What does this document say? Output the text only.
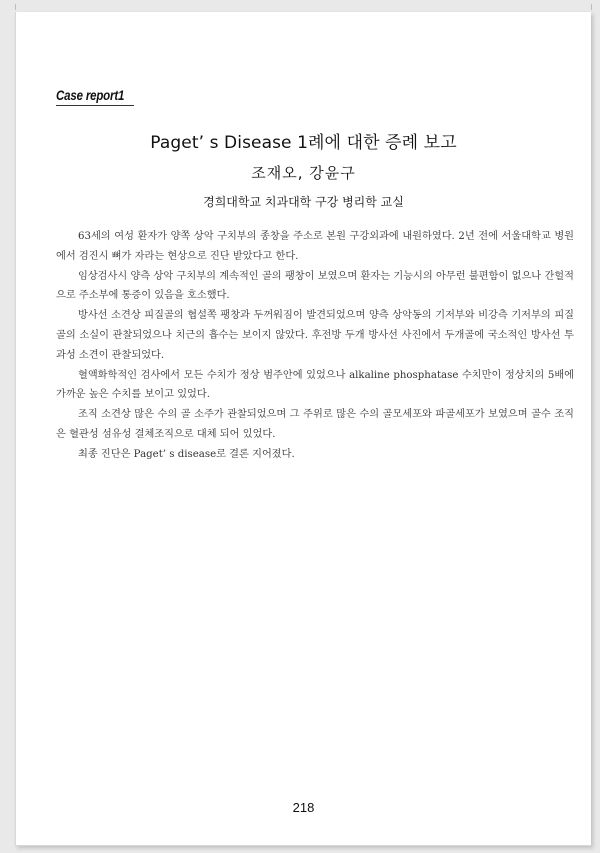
Case report1
Paget’ s Disease 1례에 대한 증례 보고
조재오, 강윤구
경희대학교 치과대학 구강 병리학 교실

63세의 여성 환자가 양쪽 상악 구치부의 종창을 주소로 본원 구강외과에 내원하였다. 2년 전에 서울대학교 병원에서 검진시 뼈가 자라는 현상으로 진단 받았다고 한다.

임상검사시 양측 상악 구치부의 계속적인 골의 팽창이 보였으며 환자는 기능시의 아무런 불편함이 없으나 간헐적으로 주소부에 통증이 있음을 호소했다.

방사선 소견상 피질골의 협설쪽 팽창과 두꺼워짐이 발견되었으며 양측 상악동의 기저부와 비강측 기저부의 피질골의 소실이 관찰되었으나 치근의 흡수는 보이지 않았다. 후전방 두개 방사선 사진에서 두개골에 국소적인 방사선 투과성 소견이 관찰되었다.

혈액화학적인 검사에서 모든 수치가 정상 범주안에 있었으나 alkaline phosphatase 수치만이 정상치의 5배에 가까운 높은 수치를 보이고 있었다.

조직 소견상 많은 수의 골 소주가 관찰되었으며 그 주위로 많은 수의 골모세포와 파골세포가 보였으며 골수 조직은 혈관성 섬유성 결체조직으로 대체 되어 있었다.

최종 진단은 Paget’ s disease로 결론 지어졌다.

218
